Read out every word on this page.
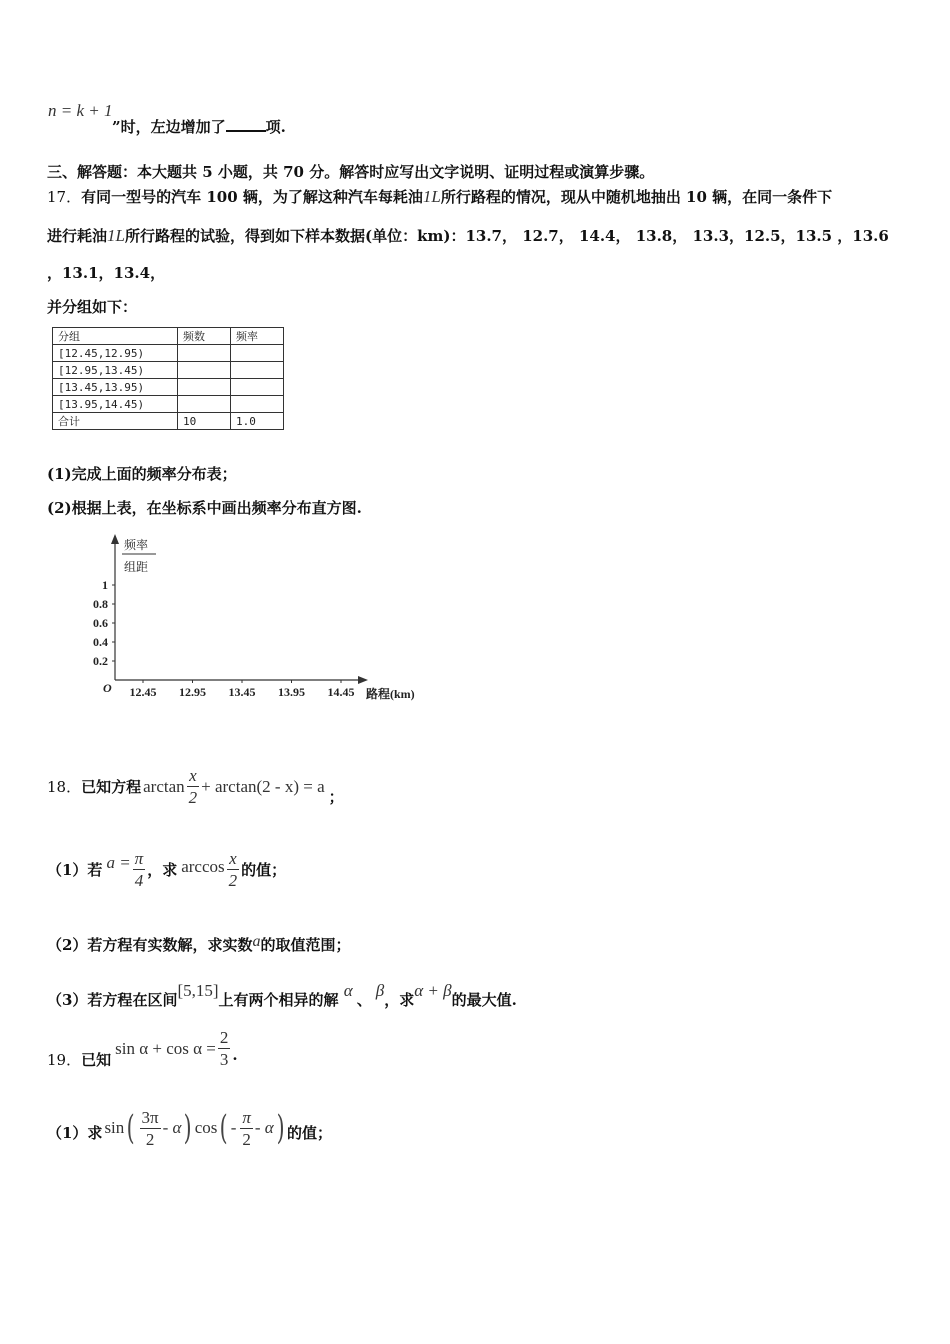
n = k + 1
”时，左边增加了	项.
三、解答题：本大题共 5 小题，共 70 分。解答时应写出文字说明、证明过程或演算步骤。
17．有同一型号的汽车 100 辆，为了解这种汽车每耗油1L所行路程的情况，现从中随机地抽出 10 辆，在同一条件下
进行耗油1L所行路程的试验，得到如下样本数据(单位：km)：13.7， 12.7， 14.4， 13.8， 13.3，12.5，13.5 ，13.6
，13.1，13.4，
并分组如下：
分组	频数	频率
[12.45,12.95)		
[12.95,13.45)		
[13.45,13.95)		
[13.95,14.45)		
合计	10	1.0
(1)完成上面的频率分布表；
(2)根据上表，在坐标系中画出频率分布直方图.
频率
组距
O	路程(km)
0.2
0.4
0.6
0.8
1
12.45 12.95 13.45 13.95 14.45
18． 已知方程 $\arctan \frac{x}{2} + \arctan(2 - x) = a$
；
（1）若 $a = \frac{\pi}{4}$ ，求 $\arccos \frac{x}{2}$ 的值；
（2）若方程有实数解，求实数a的取值范围；
（3）若方程在区间[5,15]上有两个相异的解 α 、 β，求α + β的最大值.
19． 已知
$\sin \alpha + \cos \alpha = \frac{2}{3}$ .
（1）求 sin ( $\frac{3\pi}{2}$ - α ) cos ( - $\frac{\pi}{2}$ - α ) 的值；
